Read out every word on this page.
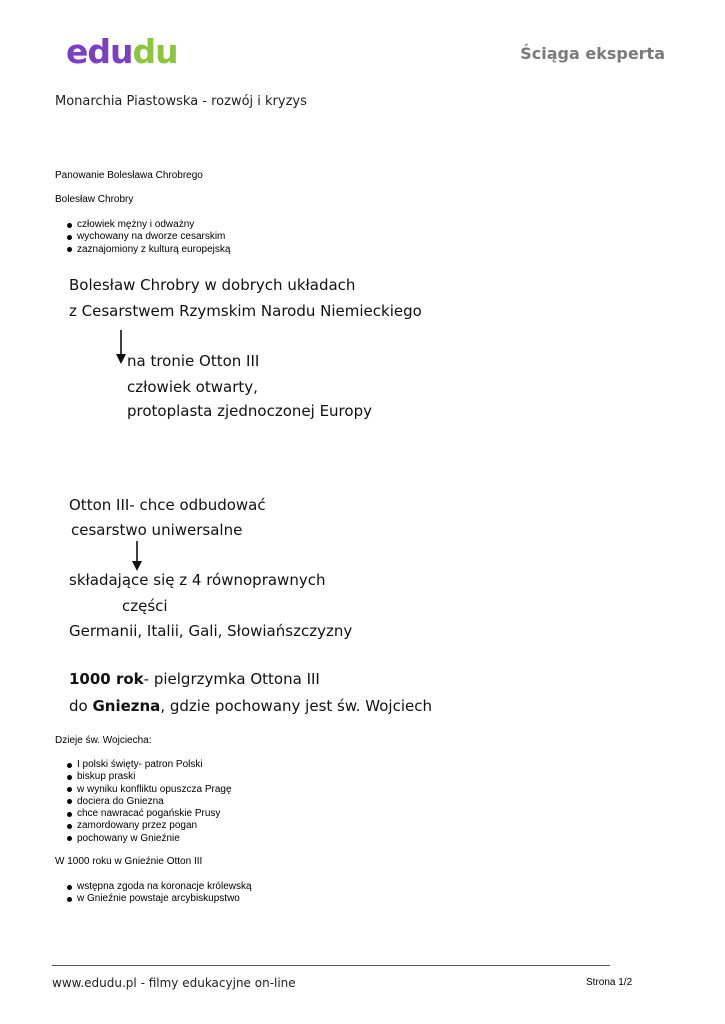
edudu	Ściąga eksperta
Monarchia Piastowska - rozwój i kryzys
Panowanie Bolesława Chrobrego
Bolesław Chrobry
człowiek mężny i odważny
wychowany na dworze cesarskim
zaznajomiony z kulturą europejską
Bolesław Chrobry w dobrych układach
z Cesarstwem Rzymskim Narodu Niemieckiego
na tronie Otton III
człowiek otwarty,
protoplasta zjednoczonej Europy
Otton III- chce odbudować
cesarstwo uniwersalne
składające się z 4 równoprawnych
części
Germanii, Italii, Gali, Słowiańszczyzny
1000 rok- pielgrzymka Ottona III
do Gniezna, gdzie pochowany jest św. Wojciech
Dzieje św. Wojciecha:
I polski święty- patron Polski
biskup praski
w wyniku konfliktu opuszcza Pragę
dociera do Gniezna
chce nawracać pogańskie Prusy
zamordowany przez pogan
pochowany w Gnieźnie
W 1000 roku w Gnieźnie Otton III
wstępna zgoda na koronacje królewską
w Gnieźnie powstaje arcybiskupstwo
www.edudu.pl - filmy edukacyjne on-line	Strona 1/2
